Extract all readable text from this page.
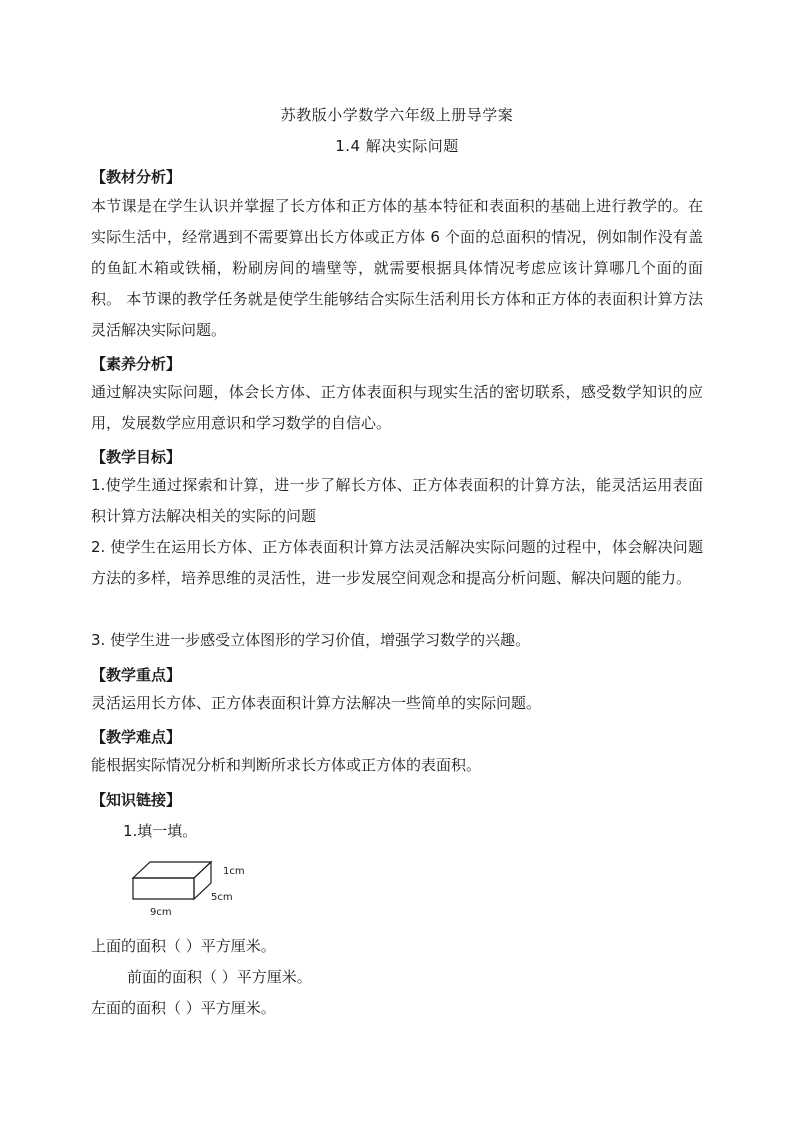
苏教版小学数学六年级上册导学案
1.4 解决实际问题
【教材分析】
本节课是在学生认识并掌握了长方体和正方体的基本特征和表面积的基础上进行教学的。在实际生活中，经常遇到不需要算出长方体或正方体 6 个面的总面积的情况，例如制作没有盖的鱼缸木箱或铁桶，粉刷房间的墙壁等，就需要根据具体情况考虑应该计算哪几个面的面积。 本节课的教学任务就是使学生能够结合实际生活利用长方体和正方体的表面积计算方法灵活解决实际问题。
【素养分析】
通过解决实际问题，体会长方体、正方体表面积与现实生活的密切联系，感受数学知识的应用，发展数学应用意识和学习数学的自信心。
【教学目标】
1.使学生通过探索和计算，进一步了解长方体、正方体表面积的计算方法，能灵活运用表面积计算方法解决相关的实际的问题
2. 使学生在运用长方体、正方体表面积计算方法灵活解决实际问题的过程中，体会解决问题方法的多样，培养思维的灵活性，进一步发展空间观念和提高分析问题、解决问题的能力。
3. 使学生进一步感受立体图形的学习价值，增强学习数学的兴趣。
【教学重点】
灵活运用长方体、正方体表面积计算方法解决一些简单的实际问题。
【教学难点】
能根据实际情况分析和判断所求长方体或正方体的表面积。
【知识链接】
1.填一填。
1cm
5cm
9cm
上面的面积（ ）平方厘米。
前面的面积（ ）平方厘米。
左面的面积（ ）平方厘米。
